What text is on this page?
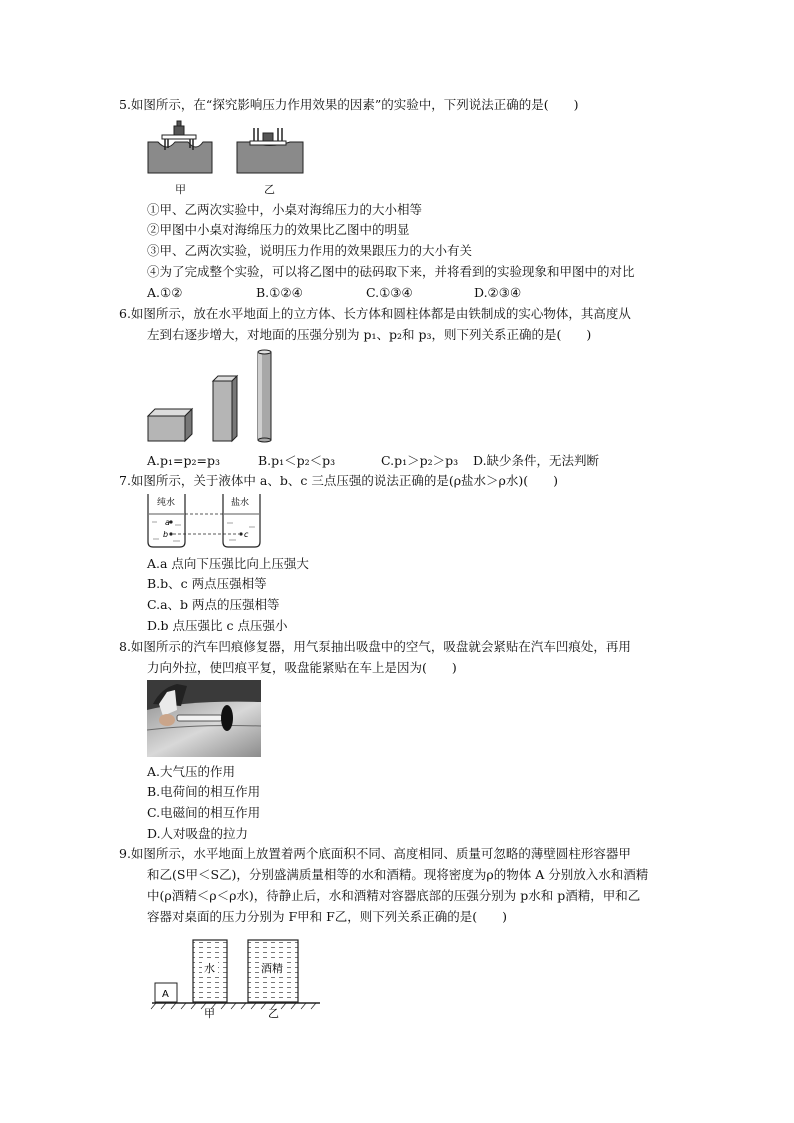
5.如图所示，在“探究影响压力作用效果的因素”的实验中，下列说法正确的是(　　)
甲	乙
①甲、乙两次实验中，小桌对海绵压力的大小相等
②甲图中小桌对海绵压力的效果比乙图中的明显
③甲、乙两次实验，说明压力作用的效果跟压力的大小有关
④为了完成整个实验，可以将乙图中的砝码取下来，并将看到的实验现象和甲图中的对比
A.①②	B.①②④	C.①③④	D.②③④
6.如图所示，放在水平地面上的立方体、长方体和圆柱体都是由铁制成的实心物体，其高度从
左到右逐步增大，对地面的压强分别为 p₁、p₂和 p₃，则下列关系正确的是(　　)
A.p₁=p₂=p₃	B.p₁＜p₂＜p₃	C.p₁＞p₂＞p₃ D.缺少条件，无法判断
7.如图所示，关于液体中 a、b、c 三点压强的说法正确的是(ρ盐水＞ρ水)(　　)
纯水	盐水
a
b	c
A.a 点向下压强比向上压强大
B.b、c 两点压强相等
C.a、b 两点的压强相等
D.b 点压强比 c 点压强小
8.如图所示的汽车凹痕修复器，用气泵抽出吸盘中的空气，吸盘就会紧贴在汽车凹痕处，再用
力向外拉，使凹痕平复，吸盘能紧贴在车上是因为(　　)
A.大气压的作用
B.电荷间的相互作用
C.电磁间的相互作用
D.人对吸盘的拉力
9.如图所示，水平地面上放置着两个底面积不同、高度相同、质量可忽略的薄壁圆柱形容器甲
和乙(S甲＜S乙)，分别盛满质量相等的水和酒精。现将密度为ρ的物体 A 分别放入水和酒精
中(ρ酒精＜ρ＜ρ水)，待静止后，水和酒精对容器底部的压强分别为 p水和 p酒精，甲和乙
容器对桌面的压力分别为 F甲和 F乙，则下列关系正确的是(　　)
A
水	酒精
甲	乙
